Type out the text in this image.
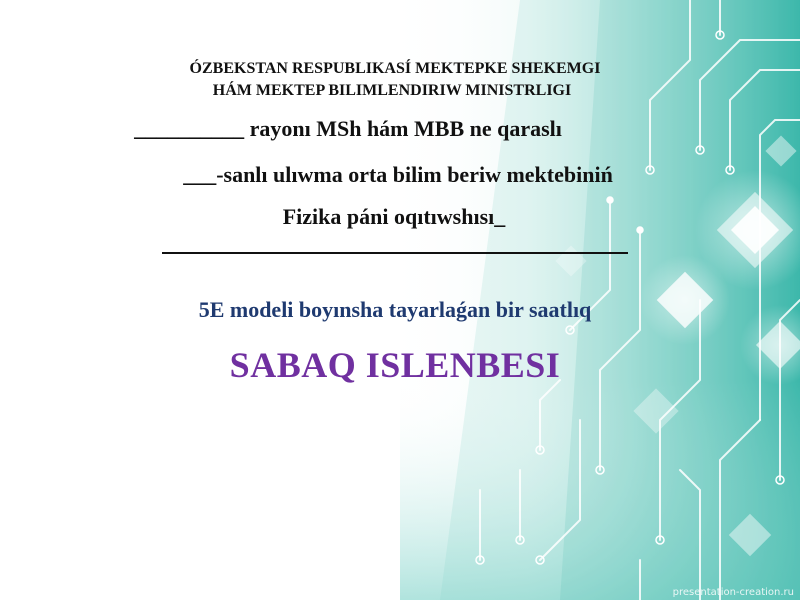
ÓZBEKSTAN RESPUBLIKASÍ MEKTEPKE SHEKEMGI
HÁM MEKTEP BILIMLENDIRIW MINISTRLIGI
__________ rayonı MSh hám MBB ne qaraslı
___-sanlı ulıwma orta bilim beriw mektebiniń
Fizika páni oqıtıwshısı_
5E modeli boyınsha tayarlaǵan bir saatlıq
SABAQ ISLENBESI
presentation-creation.ru
